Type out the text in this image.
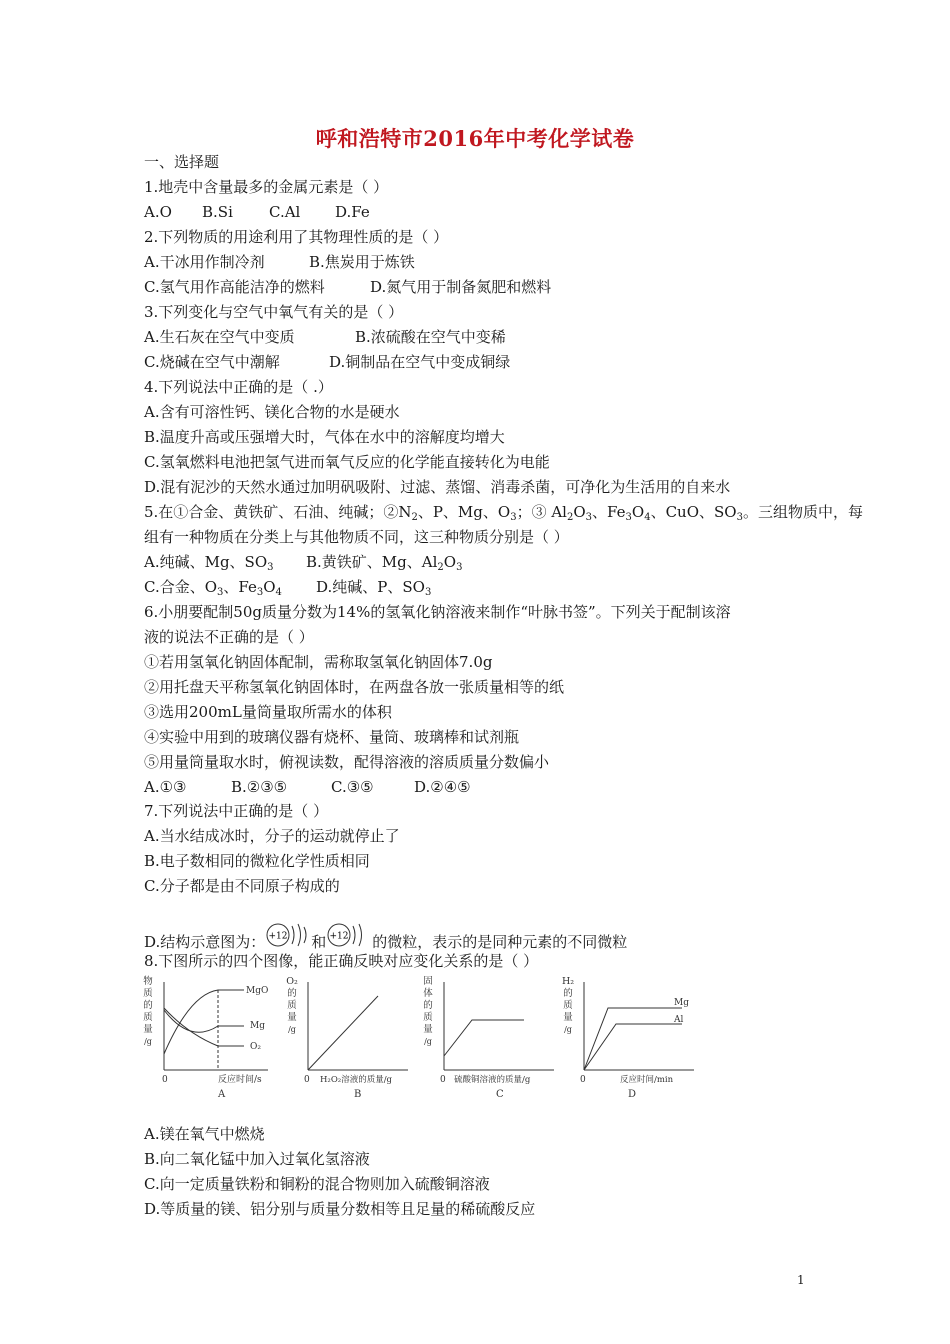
呼和浩特市2016年中考化学试卷
一、选择题
1.地壳中含量最多的金属元素是（ ）
A.O B.Si C.Al D.Fe
2.下列物质的用途利用了其物理性质的是（ ）
A.干冰用作制冷剂	B.焦炭用于炼铁
C.氢气用作高能洁净的燃料	D.氮气用于制备氮肥和燃料
3.下列变化与空气中氧气有关的是（ ）
A.生石灰在空气中变质	B.浓硫酸在空气中变稀
C.烧碱在空气中潮解	D.铜制品在空气中变成铜绿
4.下列说法中正确的是（ .）
A.含有可溶性钙、镁化合物的水是硬水
B.温度升高或压强增大时，气体在水中的溶解度均增大
C.氢氧燃料电池把氢气进而氧气反应的化学能直接转化为电能
D.混有泥沙的天然水通过加明矾吸附、过滤、蒸馏、消毒杀菌，可净化为生活用的自来水
5.在①合金、黄铁矿、石油、纯碱；$②N_2$、P、Mg、$O_3$；③ $Al_2O_3$、$Fe_3O_4$、CuO、$SO_3$。三组物质中，每
组有一种物质在分类上与其他物质不同，这三种物质分别是（ ）
A.纯碱、Mg、$SO_3$ B.黄铁矿、Mg、$Al_2O_3$
C.合金、$O_3$、$Fe_3O_4$ D.纯碱、P、$SO_3$
6.小朋要配制50g质量分数为14%的氢氧化钠溶液来制作“叶脉书签”。下列关于配制该溶
液的说法不正确的是（ ）
①若用氢氧化钠固体配制，需称取氢氧化钠固体7.0g
②用托盘天平称氢氧化钠固体时，在两盘各放一张质量相等的纸
③选用200mL量筒量取所需水的体积
④实验中用到的玻璃仪器有烧杯、量筒、玻璃棒和试剂瓶
⑤用量筒量取水时，俯视读数，配得溶液的溶质质量分数偏小
A.①③	B.②③⑤	C.③⑤	D.②④⑤
7.下列说法中正确的是（ ）
A.当水结成冰时，分子的运动就停止了
B.电子数相同的微粒化学性质相同
C.分子都是由不同原子构成的
D.结构示意图为： +12 和 +12 的微粒，表示的是同种元素的不同微粒
8.下图所示的四个图像，能正确反映对应变化关系的是（ ）
物
质
的
质
量
/g
MgO
Mg
O₂
0	反应时间/s
A
O₂
的
质
量
/g
0 H₂O₂溶液的质量/g
B
固
体
的
质
量
/g
0 硫酸铜溶液的质量/g
C
H₂
的
质
量
/g
Mg
Al
0	反应时间/min
D
A.镁在氧气中燃烧
B.向二氧化锰中加入过氧化氢溶液
C.向一定质量铁粉和铜粉的混合物则加入硫酸铜溶液
D.等质量的镁、铝分别与质量分数相等且足量的稀硫酸反应
1
